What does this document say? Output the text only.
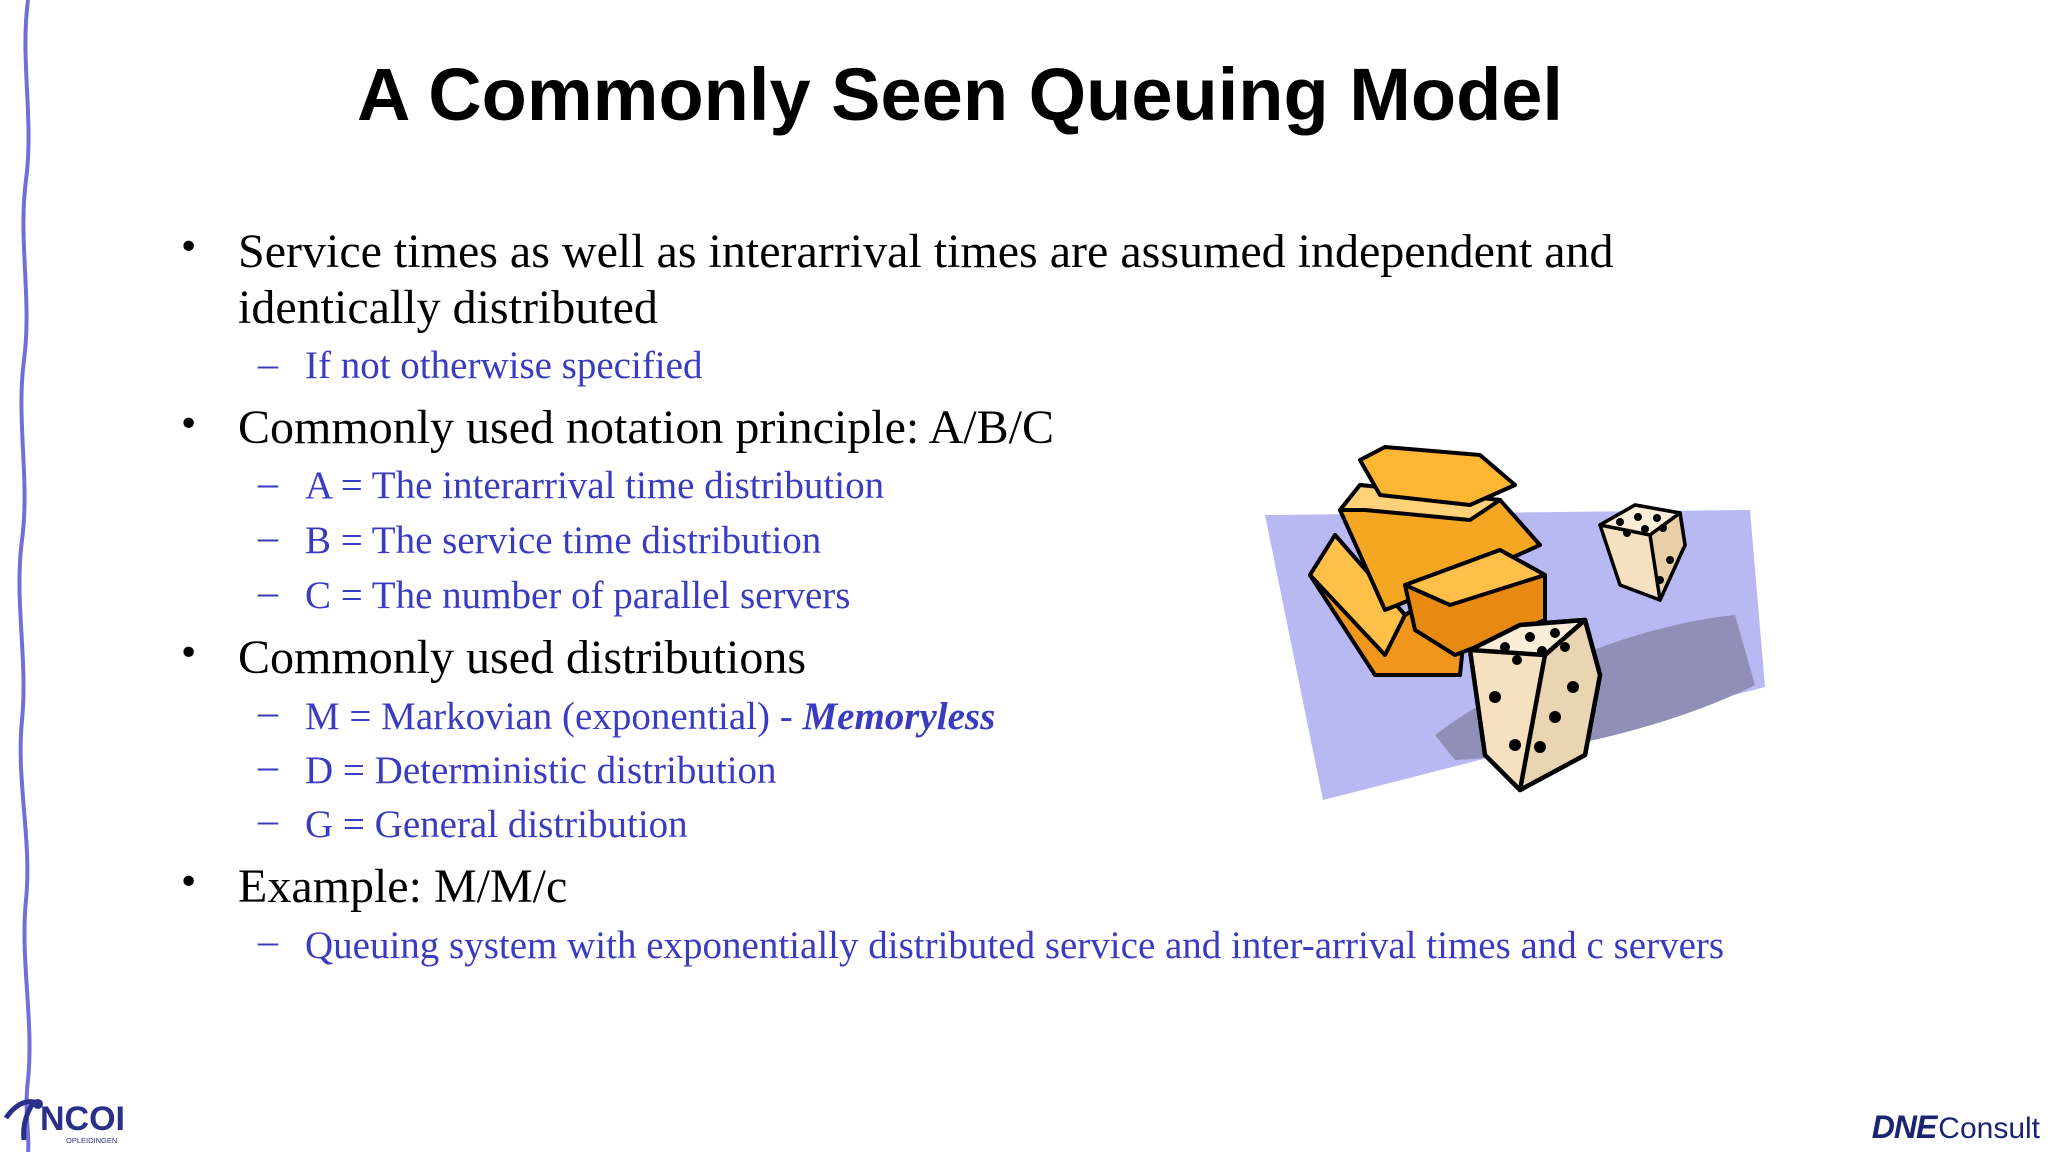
A Commonly Seen Queuing Model
• Service times as well as interarrival times are assumed independent and identically distributed
– If not otherwise specified
• Commonly used notation principle: A/B/C
– A = The interarrival time distribution
– B = The service time distribution
– C = The number of parallel servers
• Commonly used distributions
– M = Markovian (exponential) - Memoryless
– D = Deterministic distribution
– G = General distribution
• Example: M/M/c
– Queuing system with exponentially distributed service and inter-arrival times and c servers
NCOI
OPLEIDINGEN	DNE Consult
